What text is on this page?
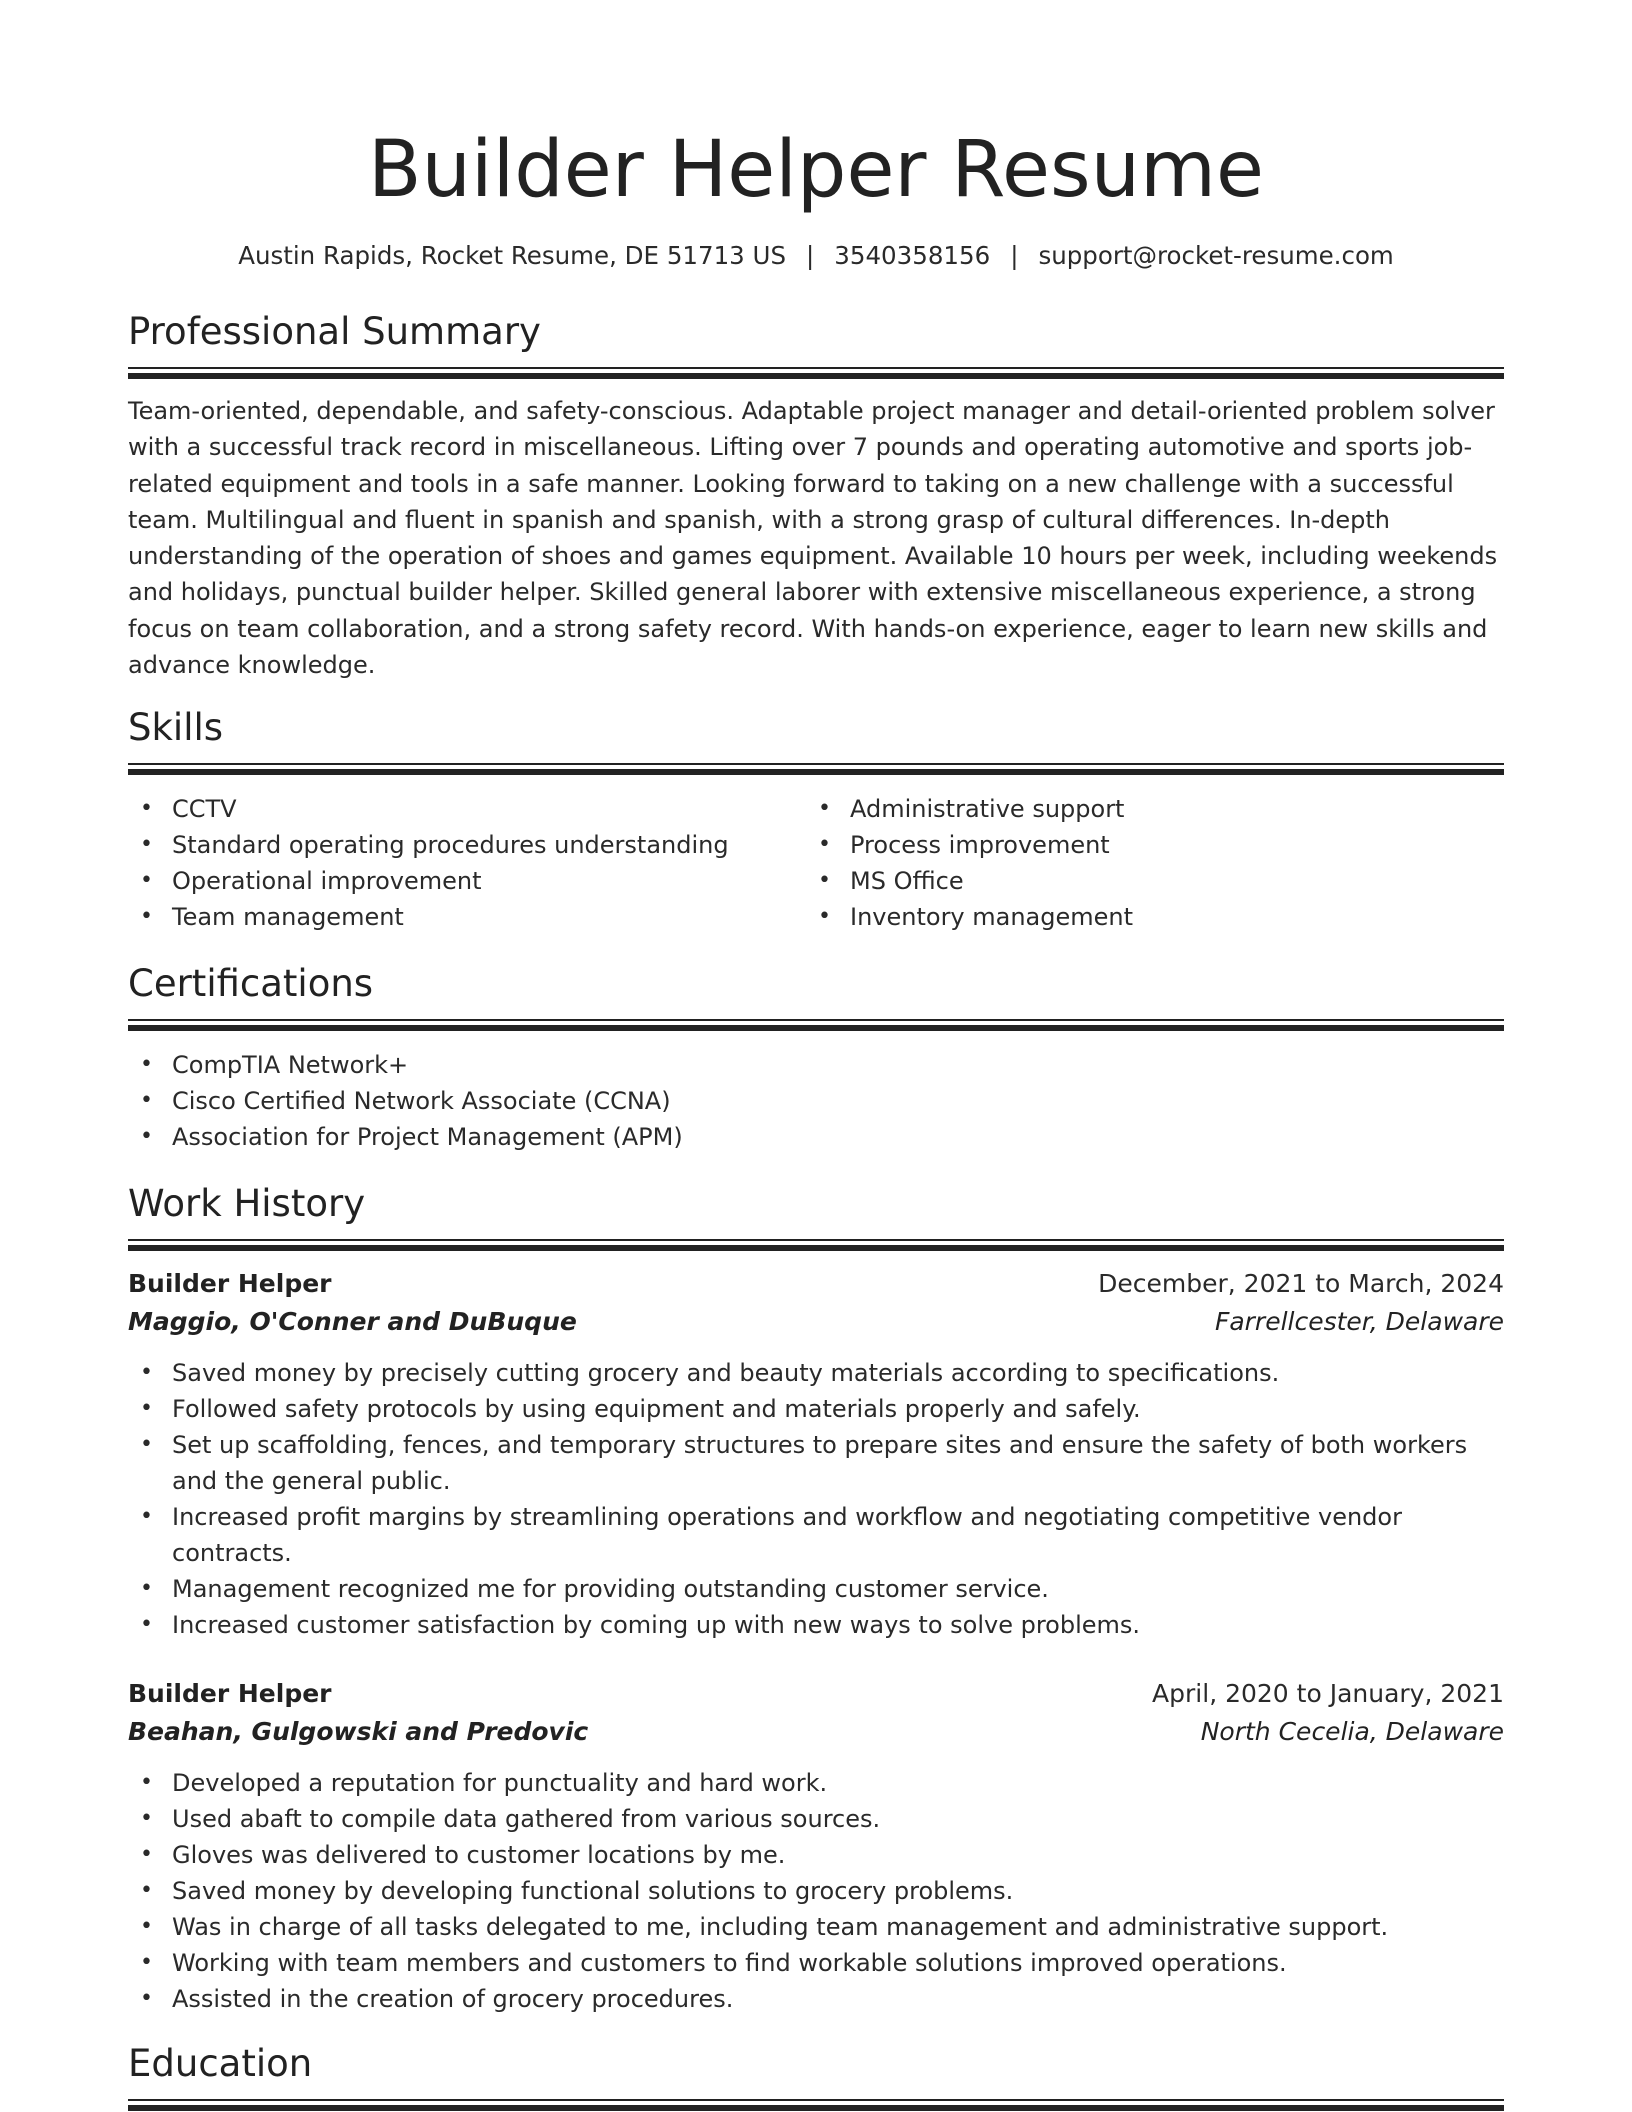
Builder Helper Resume
Austin Rapids, Rocket Resume, DE 51713 US | 3540358156 | support@rocket-resume.com
Professional Summary
Team-oriented, dependable, and safety-conscious. Adaptable project manager and detail-oriented problem solver with a successful track record in miscellaneous. Lifting over 7 pounds and operating automotive and sports job-related equipment and tools in a safe manner. Looking forward to taking on a new challenge with a successful team. Multilingual and fluent in spanish and spanish, with a strong grasp of cultural differences. In-depth understanding of the operation of shoes and games equipment. Available 10 hours per week, including weekends and holidays, punctual builder helper. Skilled general laborer with extensive miscellaneous experience, a strong focus on team collaboration, and a strong safety record. With hands-on experience, eager to learn new skills and advance knowledge.
Skills
• CCTV
• Standard operating procedures understanding
• Operational improvement
• Team management
• Administrative support
• Process improvement
• MS Office
• Inventory management
Certifications
• CompTIA Network+
• Cisco Certified Network Associate (CCNA)
• Association for Project Management (APM)
Work History
Builder Helper	December, 2021 to March, 2024
Maggio, O'Conner and DuBuque	Farrellcester, Delaware
• Saved money by precisely cutting grocery and beauty materials according to specifications.
• Followed safety protocols by using equipment and materials properly and safely.
• Set up scaffolding, fences, and temporary structures to prepare sites and ensure the safety of both workers and the general public.
• Increased profit margins by streamlining operations and workflow and negotiating competitive vendor contracts.
• Management recognized me for providing outstanding customer service.
• Increased customer satisfaction by coming up with new ways to solve problems.
Builder Helper	April, 2020 to January, 2021
Beahan, Gulgowski and Predovic	North Cecelia, Delaware
• Developed a reputation for punctuality and hard work.
• Used abaft to compile data gathered from various sources.
• Gloves was delivered to customer locations by me.
• Saved money by developing functional solutions to grocery problems.
• Was in charge of all tasks delegated to me, including team management and administrative support.
• Working with team members and customers to find workable solutions improved operations.
• Assisted in the creation of grocery procedures.
Education
